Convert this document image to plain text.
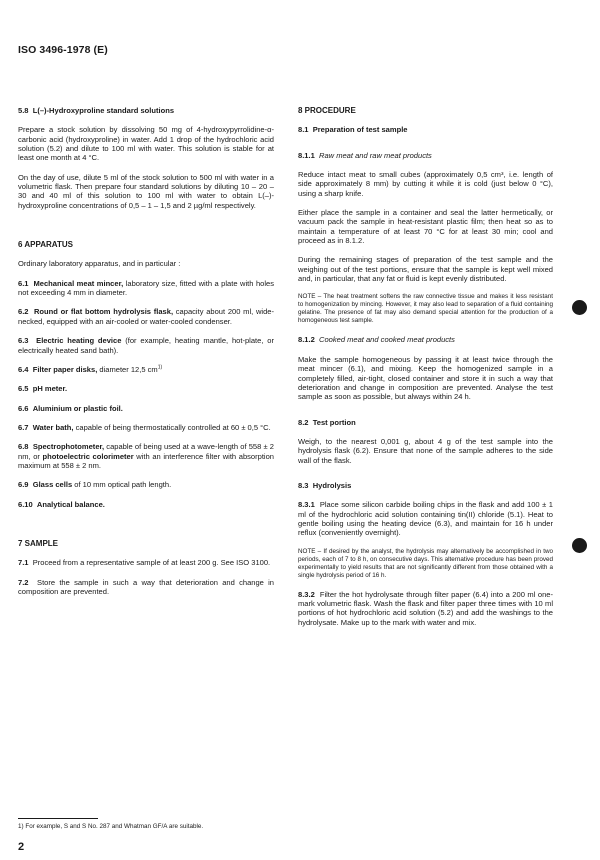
ISO 3496-1978 (E)
5.8 L(–)-Hydroxyproline standard solutions

Prepare a stock solution by dissolving 50 mg of 4-hydroxypyrrolidine-α-carbonic acid (hydroxyproline) in water. Add 1 drop of the hydrochloric acid solution (5.2) and dilute to 100 ml with water. This solution is stable for at least one month at 4 °C.

On the day of use, dilute 5 ml of the stock solution to 500 ml with water in a volumetric flask. Then prepare four standard solutions by diluting 10 – 20 – 30 and 40 ml of this solution to 100 ml with water to obtain L(–)-hydroxyproline concentrations of 0,5 – 1 – 1,5 and 2 µg/ml respectively.

6 APPARATUS

Ordinary laboratory apparatus, and in particular :

6.1 Mechanical meat mincer, laboratory size, fitted with a plate with holes not exceeding 4 mm in diameter.

6.2 Round or flat bottom hydrolysis flask, capacity about 200 ml, wide-necked, equipped with an air-cooled or water-cooled condenser.

6.3 Electric heating device (for example, heating mantle, hot-plate, or electrically heated sand bath).

6.4 Filter paper disks, diameter 12,5 $cm^{1)}$

6.5 pH meter.

6.6 Aluminium or plastic foil.

6.7 Water bath, capable of being thermostatically controlled at 60 ± 0,5 °C.

6.8 Spectrophotometer, capable of being used at a wave-length of 558 ± 2 nm, or photoelectric colorimeter with an interference filter with absorption maximum at 558 ± 2 nm.

6.9 Glass cells of 10 mm optical path length.

6.10 Analytical balance.

7 SAMPLE

7.1 Proceed from a representative sample of at least 200 g. See ISO 3100.

7.2 Store the sample in such a way that deterioration and change in composition are prevented.

8 PROCEDURE
8.1 Preparation of test sample
8.1.1 Raw meat and raw meat products

Reduce intact meat to small cubes (approximately 0,5 cm³, i.e. length of side approximately 8 mm) by cutting it while it is cold (just below 0 °C), using a sharp knife.

Either place the sample in a container and seal the latter hermetically, or vacuum pack the sample in heat-resistant plastic film; then heat so as to maintain a temperature of at least 70 °C for at least 30 min; cool and proceed as in 8.1.2.

During the remaining stages of preparation of the test sample and the weighing out of the test portions, ensure that the sample is kept well mixed and, in particular, that any fat or fluid is kept evenly distributed.

NOTE – The heat treatment softens the raw connective tissue and makes it less resistant to homogenization by mincing. However, it may also lead to separation of a fluid containing gelatine. The presence of fat may also demand special attention for the production of a homogeneous test sample.

8.1.2 Cooked meat and cooked meat products

Make the sample homogeneous by passing it at least twice through the meat mincer (6.1), and mixing. Keep the homogenized sample in a completely filled, air-tight, closed container and store it in such a way that deterioration and change in composition are prevented. Analyse the test sample as soon as possible, but always within 24 h.

8.2 Test portion

Weigh, to the nearest 0,001 g, about 4 g of the test sample into the hydrolysis flask (6.2). Ensure that none of the sample adheres to the side wall of the flask.

8.3 Hydrolysis

8.3.1 Place some silicon carbide boiling chips in the flask and add 100 ± 1 ml of the hydrochloric acid solution containing tin(II) chloride (5.1). Heat to gentle boiling using the heating device (6.3), and maintain for 16 h under reflux (conveniently overnight).

NOTE – If desired by the analyst, the hydrolysis may alternatively be accomplished in two periods, each of 7 to 8 h, on consecutive days. This alternative procedure has been proved experimentally to yield results that are not significantly different from those obtained with a single hydrolysis period of 16 h.

8.3.2 Filter the hot hydrolysate through filter paper (6.4) into a 200 ml one-mark volumetric flask. Wash the flask and filter paper three times with 10 ml portions of hot hydrochloric acid solution (5.2) and add the washings to the hydrolysate. Make up to the mark with water and mix.

1) For example, S and S No. 287 and Whatman GF/A are suitable.
2
